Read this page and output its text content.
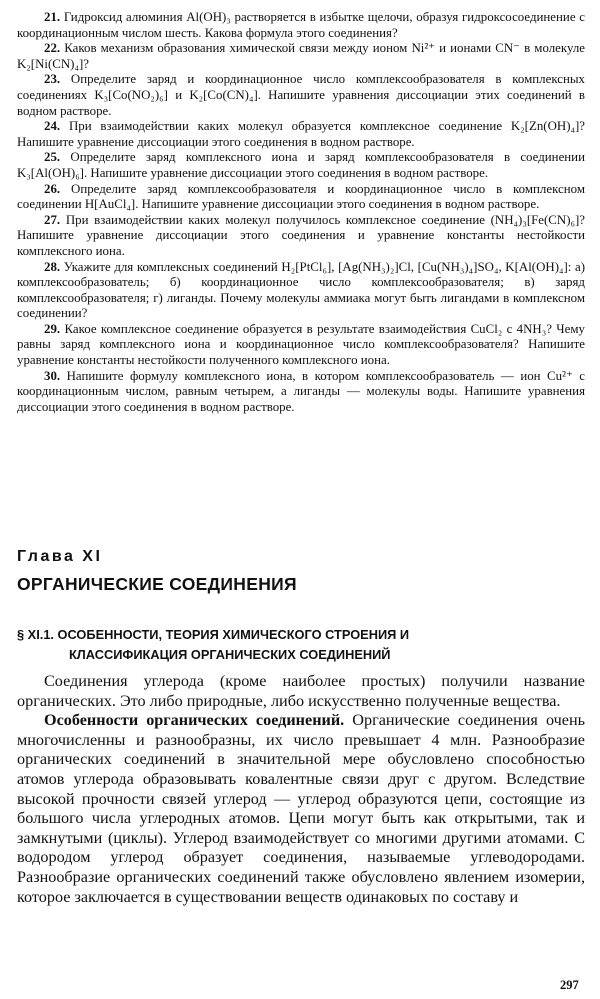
21. Гидроксид алюминия Al(OH)₃ растворяется в избытке щелочи, образуя гидроксосоединение с координационным числом шесть. Какова формула этого соединения?

22. Каков механизм образования химической связи между ионом Ni²⁺ и ионами CN⁻ в молекуле K₂[Ni(CN)₄]?

23. Определите заряд и координационное число комплексообразователя в комплексных соединениях K₃[Co(NO₂)₆] и K₂[Co(CN)₄]. Напишите уравнения диссоциации этих соединений в водном растворе.

24. При взаимодействии каких молекул образуется комплексное соединение K₂[Zn(OH)₄]? Напишите уравнение диссоциации этого соединения в водном растворе.

25. Определите заряд комплексного иона и заряд комплексообразователя в соединении K₃[Al(OH)₆]. Напишите уравнение диссоциации этого соединения в водном растворе.

26. Определите заряд комплексообразователя и координационное число в комплексном соединении H[AuCl₄]. Напишите уравнение диссоциации этого соединения в водном растворе.

27. При взаимодействии каких молекул получилось комплексное соединение (NH₄)₃[Fe(CN)₆]? Напишите уравнение диссоциации этого соединения и уравнение константы нестойкости комплексного иона.

28. Укажите для комплексных соединений H₂[PtCl₆], [Ag(NH₃)₂]Cl, [Cu(NH₃)₄]SO₄, K[Al(OH)₄]: а) комплексообразователь; б) координационное число комплексообразователя; в) заряд комплексообразователя; г) лиганды. Почему молекулы аммиака могут быть лигандами в комплексном соединении?

29. Какое комплексное соединение образуется в результате взаимодействия CuCl₂ с 4NH₃? Чему равны заряд комплексного иона и координационное число комплексообразователя? Напишите уравнение константы нестойкости полученного комплексного иона.

30. Напишите формулу комплексного иона, в котором комплексообразователь — ион Cu²⁺ с координационным числом, равным четырем, а лиганды — молекулы воды. Напишите уравнения диссоциации этого соединения в водном растворе.

Глава XI
ОРГАНИЧЕСКИЕ СОЕДИНЕНИЯ
§ XI.1. ОСОБЕННОСТИ, ТЕОРИЯ ХИМИЧЕСКОГО СТРОЕНИЯ И
КЛАССИФИКАЦИЯ ОРГАНИЧЕСКИХ СОЕДИНЕНИЙ

Соединения углерода (кроме наиболее простых) получили название органических. Это либо природные, либо искусственно полученные вещества.

Особенности органических соединений. Органические соединения очень многочисленны и разнообразны, их число превышает 4 млн. Разнообразие органических соединений в значительной мере обусловлено способностью атомов углерода образовывать ковалентные связи друг с другом. Вследствие высокой прочности связей углерод — углерод образуются цепи, состоящие из большого числа углеродных атомов. Цепи могут быть как открытыми, так и замкнутыми (циклы). Углерод взаимодействует со многими другими атомами. С водородом углерод образует соединения, называемые углеводородами. Разнообразие органических соединений также обусловлено явлением изомерии, которое заключается в существовании веществ одинаковых по составу и

297
